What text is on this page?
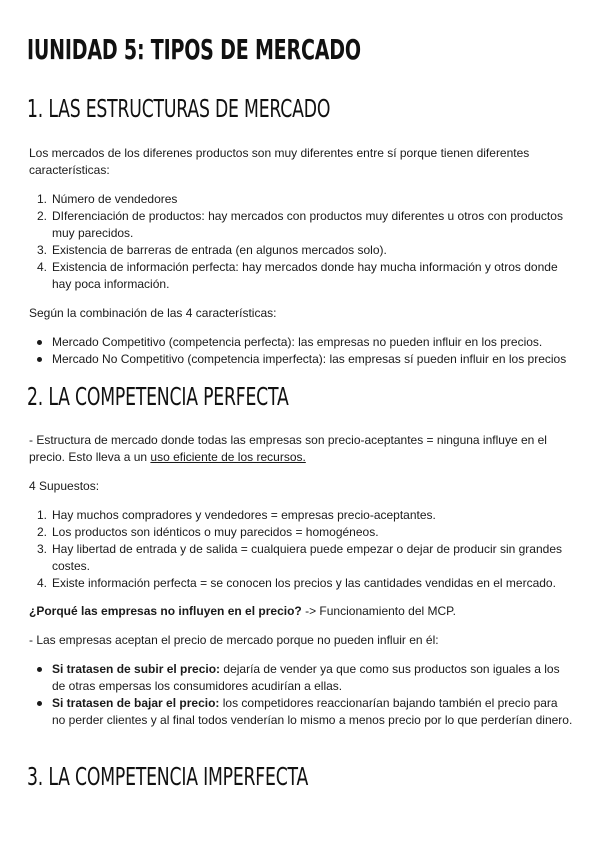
IUNIDAD 5: TIPOS DE MERCADO
1. LAS ESTRUCTURAS DE MERCADO

Los mercados de los diferenes productos son muy diferentes entre sí porque tienen diferentes características:

1. Número de vendedores
2. DIferenciación de productos: hay mercados con productos muy diferentes u otros con productos muy parecidos.
3. Existencia de barreras de entrada (en algunos mercados solo).
4. Existencia de información perfecta: hay mercados donde hay mucha información y otros donde hay poca información.

Según la combinación de las 4 características:

Mercado Competitivo (competencia perfecta): las empresas no pueden influir en los precios.
Mercado No Competitivo (competencia imperfecta): las empresas sí pueden influir en los precios
2. LA COMPETENCIA PERFECTA

- Estructura de mercado donde todas las empresas son precio-aceptantes = ninguna influye en el precio. Esto lleva a un uso eficiente de los recursos.

4 Supuestos:

1. Hay muchos compradores y vendedores = empresas precio-aceptantes.
2. Los productos son idénticos o muy parecidos = homogéneos.
3. Hay libertad de entrada y de salida = cualquiera puede empezar o dejar de producir sin grandes costes.
4. Existe información perfecta = se conocen los precios y las cantidades vendidas en el mercado.

¿Porqué las empresas no influyen en el precio? -> Funcionamiento del MCP.

- Las empresas aceptan el precio de mercado porque no pueden influir en él:

Si tratasen de subir el precio: dejaría de vender ya que como sus productos son iguales a los de otras empersas los consumidores acudirían a ellas.
Si tratasen de bajar el precio: los competidores reaccionarían bajando también el precio para no perder clientes y al final todos venderían lo mismo a menos precio por lo que perderían dinero.
3. LA COMPETENCIA IMPERFECTA
